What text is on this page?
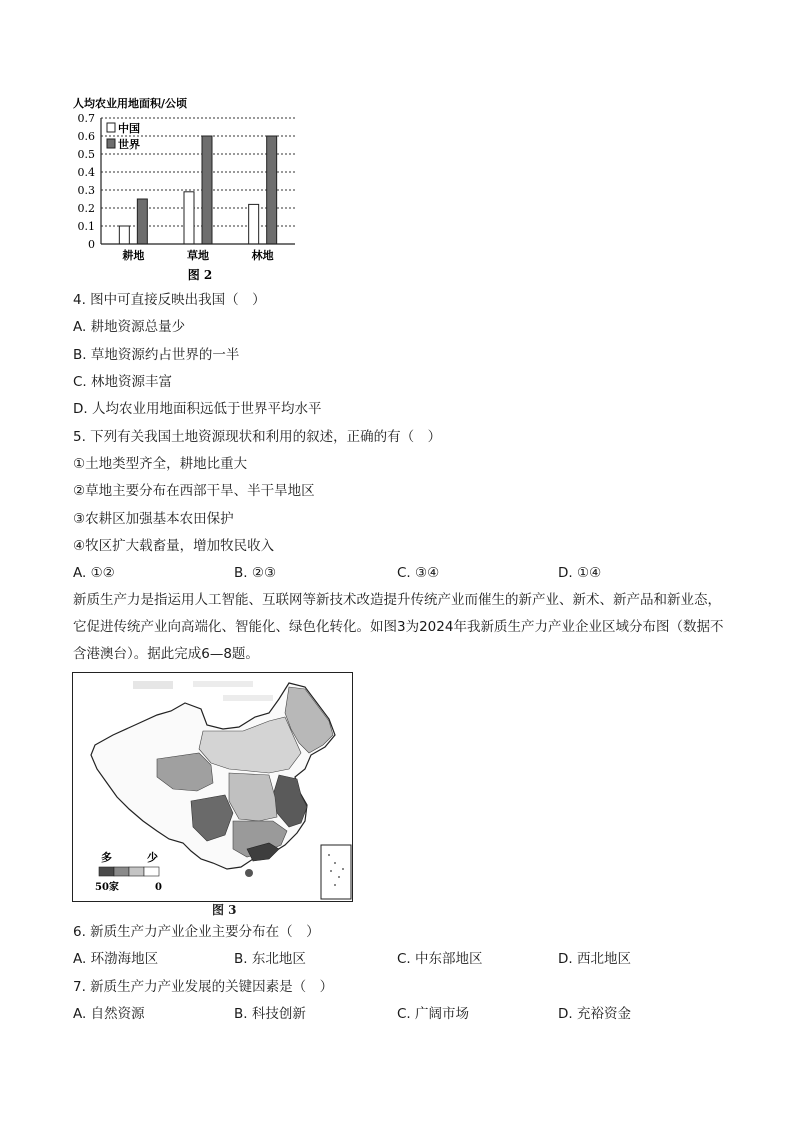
人均农业用地面积/公顷
0
0.1
0.2
0.3
0.4
0.5
0.6
0.7
耕地	草地	林地
中国
世界
图 2
4. 图中可直接反映出我国（　）
A. 耕地资源总量少
B. 草地资源约占世界的一半
C. 林地资源丰富
D. 人均农业用地面积远低于世界平均水平
5. 下列有关我国土地资源现状和利用的叙述，正确的有（　）
①土地类型齐全，耕地比重大
②草地主要分布在西部干旱、半干旱地区
③农耕区加强基本农田保护
④牧区扩大载畜量，增加牧民收入
A. ①②	B. ②③	C. ③④	D. ①④
新质生产力是指运用人工智能、互联网等新技术改造提升传统产业而催生的新产业、新术、新产品和新业态，它促进传统产业向高端化、智能化、绿色化转化。如图3为2024年我新质生产力产业企业区域分布图（数据不含港澳台）。据此完成6—8题。
多	少
50家	0
图 3
6. 新质生产力产业企业主要分布在（　）
A. 环渤海地区	B. 东北地区	C. 中东部地区	D. 西北地区
7. 新质生产力产业发展的关键因素是（　）
A. 自然资源	B. 科技创新	C. 广阔市场	D. 充裕资金
